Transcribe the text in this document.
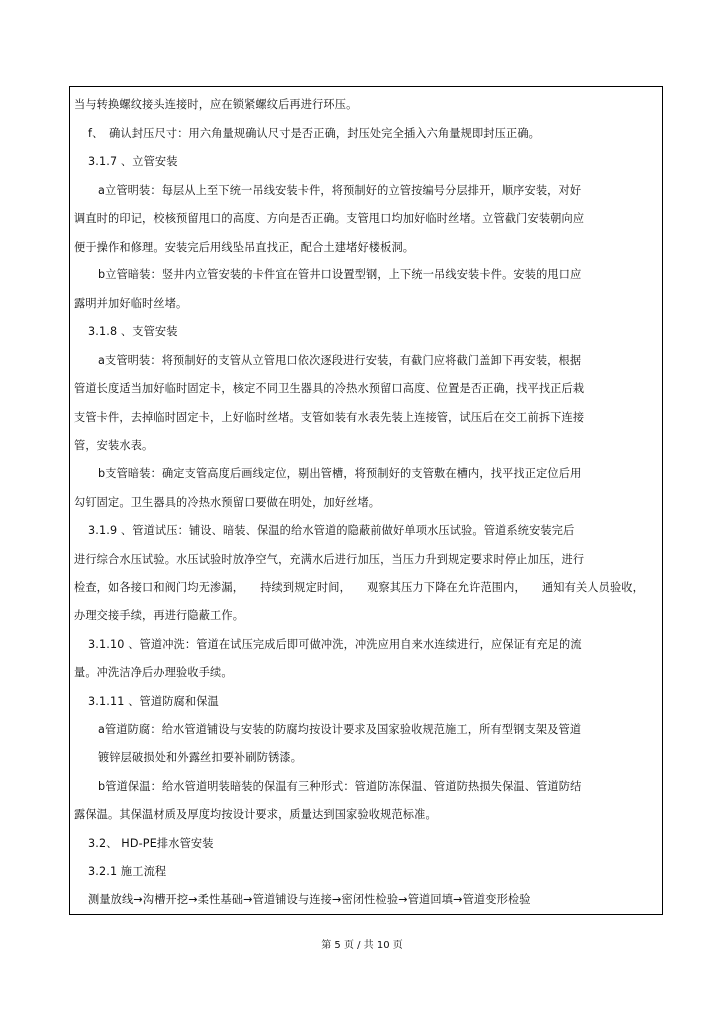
当与转换螺纹接头连接时，应在锁紧螺纹后再进行环压。
f、　确认封压尺寸：用六角量规确认尺寸是否正确，封压处完全插入六角量规即封压正确。
3.1.7 、立管安装
a立管明装：每层从上至下统一吊线安装卡件，将预制好的立管按编号分层排开，顺序安装，对好
调直时的印记，校核预留甩口的高度、方向是否正确。支管甩口均加好临时丝堵。立管截门安装朝向应
便于操作和修理。安装完后用线坠吊直找正，配合土建堵好楼板洞。
b立管暗装：竖井内立管安装的卡件宜在管井口设置型钢，上下统一吊线安装卡件。安装的甩口应
露明并加好临时丝堵。
3.1.8 、支管安装
a支管明装：将预制好的支管从立管甩口依次逐段进行安装，有截门应将截门盖卸下再安装，根据
管道长度适当加好临时固定卡，核定不同卫生器具的冷热水预留口高度、位置是否正确，找平找正后栽
支管卡件，去掉临时固定卡，上好临时丝堵。支管如装有水表先装上连接管，试压后在交工前拆下连接
管，安装水表。
b支管暗装：确定支管高度后画线定位，剔出管槽，将预制好的支管敷在槽内，找平找正定位后用
勾钉固定。卫生器具的冷热水预留口要做在明处，加好丝堵。
3.1.9 、管道试压：铺设、暗装、保温的给水管道的隐蔽前做好单项水压试验。管道系统安装完后
进行综合水压试验。水压试验时放净空气，充满水后进行加压，当压力升到规定要求时停止加压，进行
检查，如各接口和阀门均无渗漏， 持续到规定时间， 观察其压力下降在允许范围内， 通知有关人员验收，
办理交接手续，再进行隐蔽工作。
3.1.10 、管道冲洗：管道在试压完成后即可做冲洗，冲洗应用自来水连续进行，应保证有充足的流
量。冲洗洁净后办理验收手续。
3.1.11 、管道防腐和保温
a管道防腐：给水管道铺设与安装的防腐均按设计要求及国家验收规范施工，所有型钢支架及管道
镀锌层破损处和外露丝扣要补刷防锈漆。
b管道保温：给水管道明装暗装的保温有三种形式：管道防冻保温、管道防热损失保温、管道防结
露保温。其保温材质及厚度均按设计要求，质量达到国家验收规范标准。
3.2、 HD-PE排水管安装
3.2.1 施工流程
测量放线→沟槽开挖→柔性基础→管道铺设与连接→密闭性检验→管道回填→管道变形检验
第 5 页 / 共 10 页
